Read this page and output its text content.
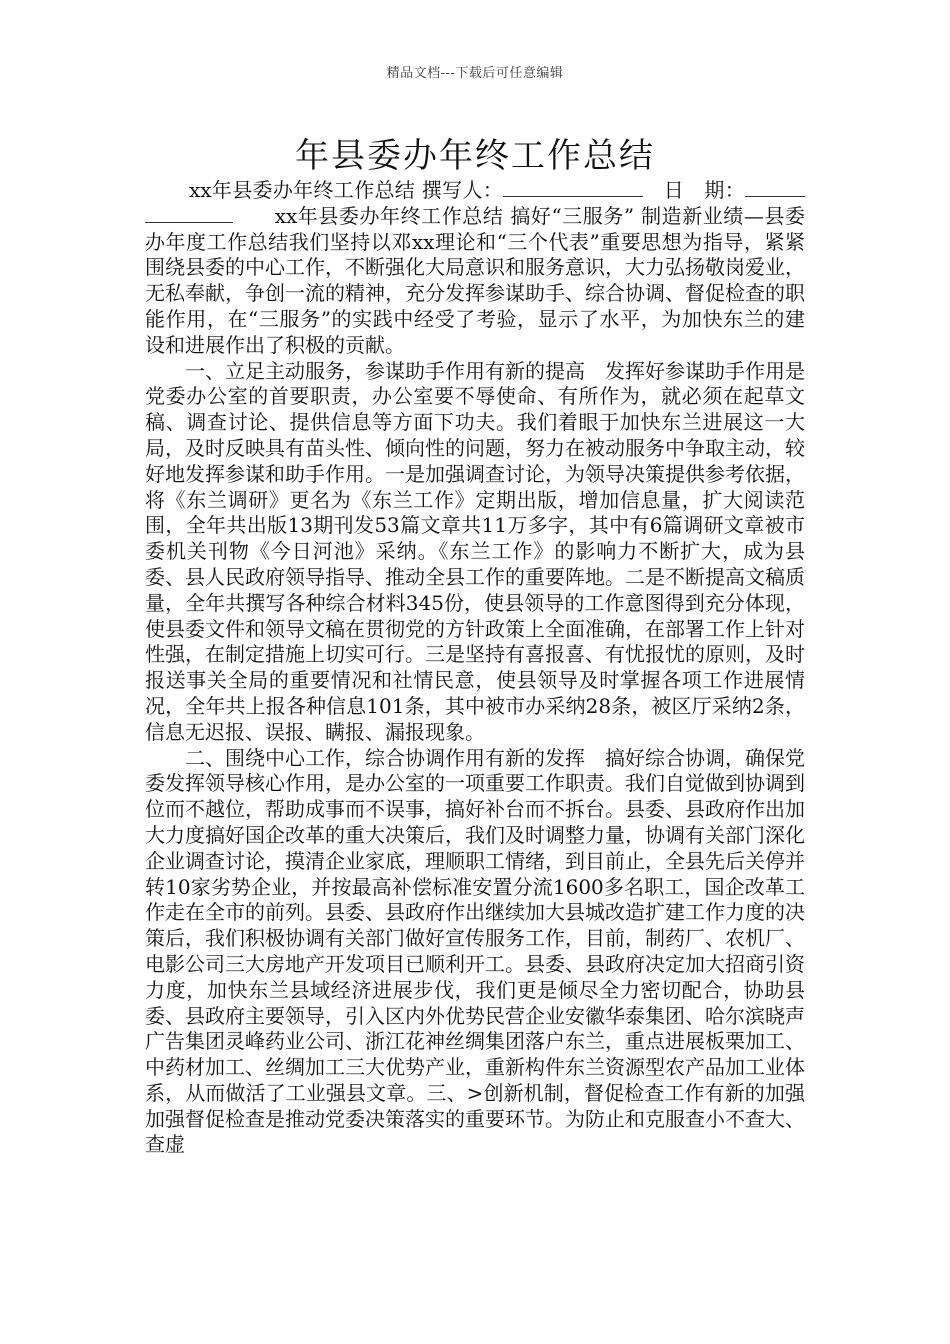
精品文档---下载后可任意编辑
年县委办年终工作总结

xx年县委办年终工作总结 撰写人：　	日　期：　　xx年县委办年终工作总结 搞好“三服务” 制造新业绩—县委办年度工作总结我们坚持以邓xx理论和“三个代表”重要思想为指导，紧紧围绕县委的中心工作，不断强化大局意识和服务意识，大力弘扬敬岗爱业，无私奉献，争创一流的精神，充分发挥参谋助手、综合协调、督促检查的职能作用，在“三服务”的实践中经受了考验，显示了水平，为加快东兰的建设和进展作出了积极的贡献。

一、立足主动服务，参谋助手作用有新的提高　发挥好参谋助手作用是党委办公室的首要职责，办公室要不辱使命、有所作为，就必须在起草文稿、调查讨论、提供信息等方面下功夫。我们着眼于加快东兰进展这一大局，及时反映具有苗头性、倾向性的问题，努力在被动服务中争取主动，较好地发挥参谋和助手作用。一是加强调查讨论，为领导决策提供参考依据，将《东兰调研》更名为《东兰工作》定期出版，增加信息量，扩大阅读范围，全年共出版13期刊发53篇文章共11万多字，其中有6篇调研文章被市委机关刊物《今日河池》采纳。《东兰工作》的影响力不断扩大，成为县委、县人民政府领导指导、推动全县工作的重要阵地。二是不断提高文稿质量，全年共撰写各种综合材料345份，使县领导的工作意图得到充分体现，使县委文件和领导文稿在贯彻党的方针政策上全面准确，在部署工作上针对性强，在制定措施上切实可行。三是坚持有喜报喜、有忧报忧的原则，及时报送事关全局的重要情况和社情民意，使县领导及时掌握各项工作进展情况，全年共上报各种信息101条，其中被市办采纳28条，被区厅采纳2条，信息无迟报、误报、瞒报、漏报现象。

二、围绕中心工作，综合协调作用有新的发挥　搞好综合协调，确保党委发挥领导核心作用，是办公室的一项重要工作职责。我们自觉做到协调到位而不越位，帮助成事而不误事，搞好补台而不拆台。县委、县政府作出加大力度搞好国企改革的重大决策后，我们及时调整力量，协调有关部门深化企业调查讨论，摸清企业家底，理顺职工情绪，到目前止，全县先后关停并转10家劣势企业，并按最高补偿标准安置分流1600多名职工，国企改革工作走在全市的前列。县委、县政府作出继续加大县城改造扩建工作力度的决策后，我们积极协调有关部门做好宣传服务工作，目前，制药厂、农机厂、电影公司三大房地产开发项目已顺利开工。县委、县政府决定加大招商引资力度，加快东兰县域经济进展步伐，我们更是倾尽全力密切配合，协助县委、县政府主要领导，引入区内外优势民营企业安徽华泰集团、哈尔滨晓声广告集团灵峰药业公司、浙江花神丝绸集团落户东兰，重点进展板栗加工、中药材加工、丝绸加工三大优势产业，重新构件东兰资源型农产品加工业体系，从而做活了工业强县文章。三、>创新机制，督促检查工作有新的加强　加强督促检查是推动党委决策落实的重要环节。为防止和克服查小不查大、查虚
